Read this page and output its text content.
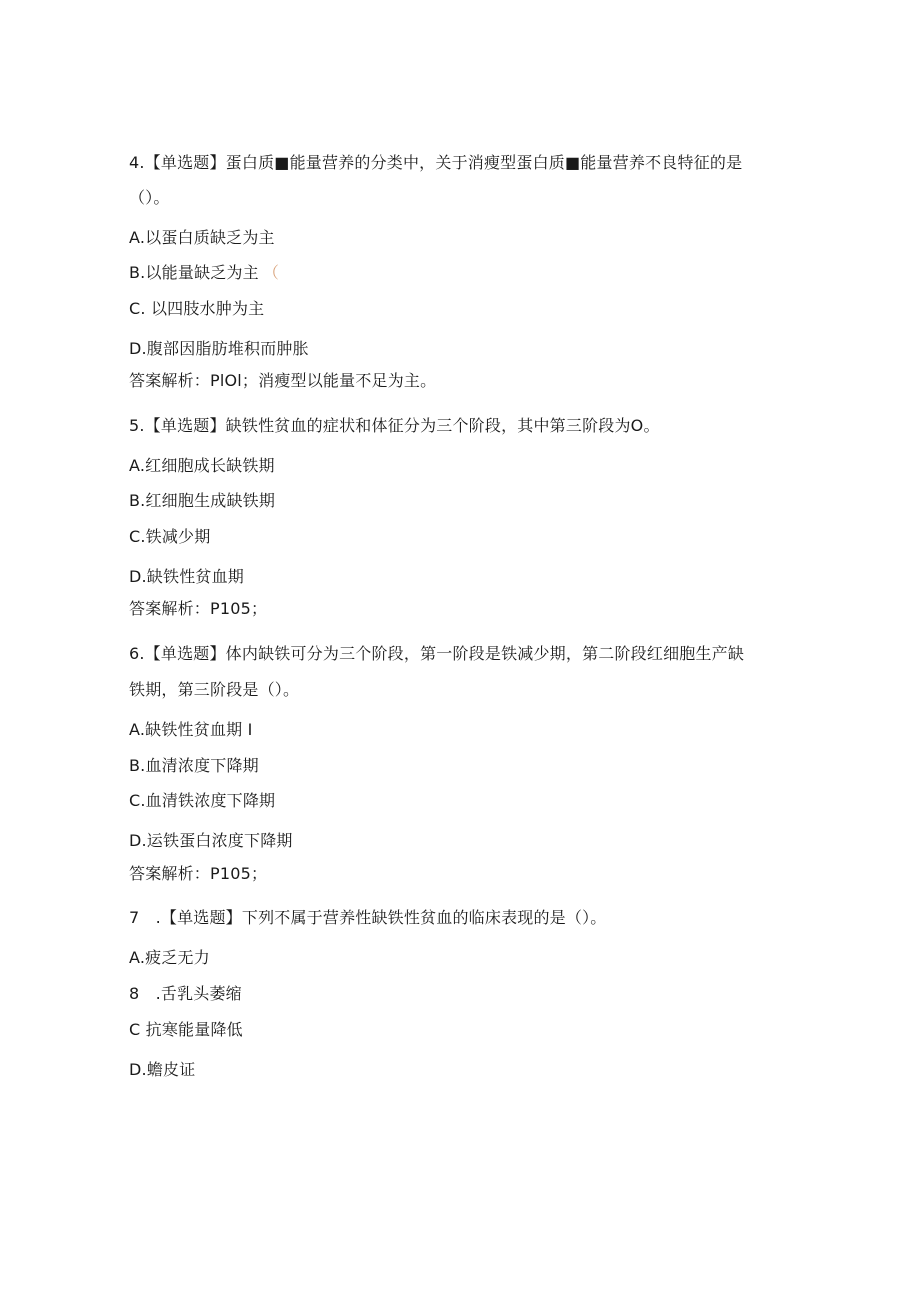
4.【单选题】蛋白质■能量营养的分类中，关于消瘦型蛋白质■能量营养不良特征的是
（）。
A.以蛋白质缺乏为主
B.以能量缺乏为主 （
C. 以四肢水肿为主
D.腹部因脂肪堆积而肿胀
答案解析：PlOl；消瘦型以能量不足为主。
5.【单选题】缺铁性贫血的症状和体征分为三个阶段，其中第三阶段为O。
A.红细胞成长缺铁期
B.红细胞生成缺铁期
C.铁减少期
D.缺铁性贫血期
答案解析：P105；
6.【单选题】体内缺铁可分为三个阶段，第一阶段是铁减少期，第二阶段红细胞生产缺
铁期，第三阶段是（）。
A.缺铁性贫血期 I
B.血清浓度下降期
C.血清铁浓度下降期
D.运铁蛋白浓度下降期
答案解析：P105；
7　.【单选题】下列不属于营养性缺铁性贫血的临床表现的是（）。
A.疲乏无力
8　.舌乳头萎缩
C 抗寒能量降低
D.蟾皮证
